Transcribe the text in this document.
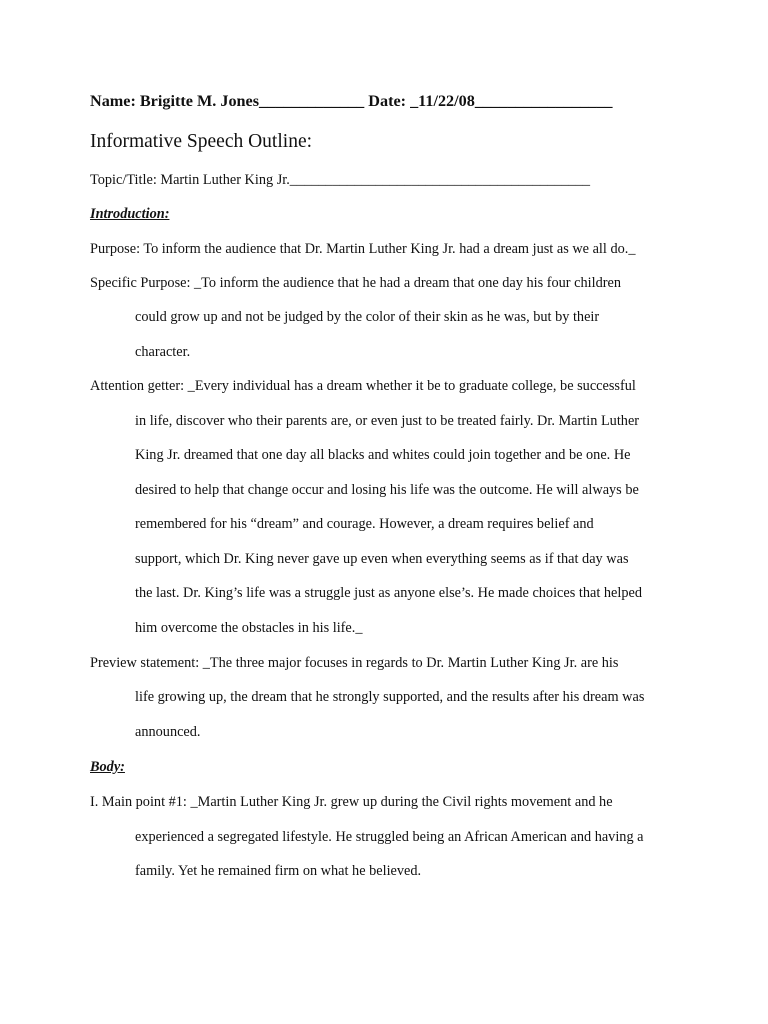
Name: Brigitte M. Jones_____________ Date: _11/22/08_________________
Informative Speech Outline:
Topic/Title: Martin Luther King Jr.__________________________________________
Introduction:
Purpose: To inform the audience that Dr. Martin Luther King Jr. had a dream just as we all do._
Specific Purpose: _To inform the audience that he had a dream that one day his four children
could grow up and not be judged by the color of their skin as he was, but by their
character.
Attention getter: _Every individual has a dream whether it be to graduate college, be successful
in life, discover who their parents are, or even just to be treated fairly. Dr. Martin Luther
King Jr. dreamed that one day all blacks and whites could join together and be one. He
desired to help that change occur and losing his life was the outcome. He will always be
remembered for his “dream” and courage. However, a dream requires belief and
support, which Dr. King never gave up even when everything seems as if that day was
the last. Dr. King’s life was a struggle just as anyone else’s. He made choices that helped
him overcome the obstacles in his life._
Preview statement: _The three major focuses in regards to Dr. Martin Luther King Jr. are his
life growing up, the dream that he strongly supported, and the results after his dream was
announced.
Body:
I. Main point #1: _Martin Luther King Jr. grew up during the Civil rights movement and he
experienced a segregated lifestyle. He struggled being an African American and having a
family. Yet he remained firm on what he believed.
